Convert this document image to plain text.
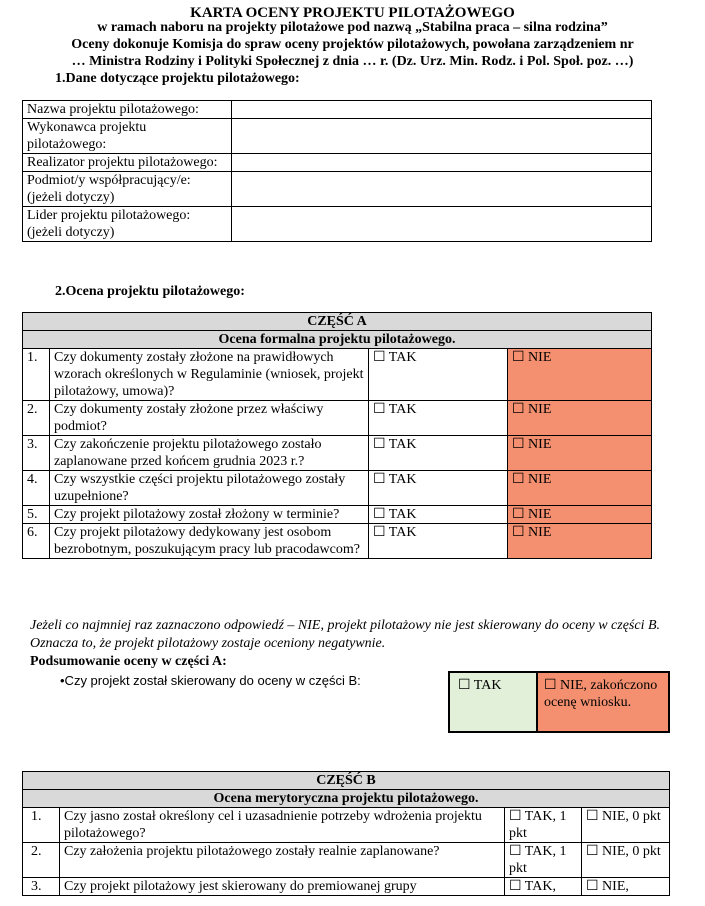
KARTA OCENY PROJEKTU PILOTAŻOWEGO
w ramach naboru na projekty pilotażowe pod nazwą „Stabilna praca – silna rodzina”
Oceny dokonuje Komisja do spraw oceny projektów pilotażowych, powołana zarządzeniem nr
… Ministra Rodziny i Polityki Społecznej z dnia … r. (Dz. Urz. Min. Rodz. i Pol. Społ. poz. …)
1.Dane dotyczące projektu pilotażowego:
Nazwa projektu pilotażowego:	
Wykonawca projektu pilotażowego:	
Realizator projektu pilotażowego:	
Podmiot/y współpracujący/e: (jeżeli dotyczy)	
Lider projektu pilotażowego: (jeżeli dotyczy)	
2.Ocena projektu pilotażowego:
CZĘŚĆ A			
Ocena formalna projektu pilotażowego.			
1.	Czy dokumenty zostały złożone na prawidłowych wzorach określonych w Regulaminie (wniosek, projekt pilotażowy, umowa)?	☐ TAK	☐ NIE
2.	Czy dokumenty zostały złożone przez właściwy podmiot?	☐ TAK	☐ NIE
3.	Czy zakończenie projektu pilotażowego zostało zaplanowane przed końcem grudnia 2023 r.?	☐ TAK	☐ NIE
4.	Czy wszystkie części projektu pilotażowego zostały uzupełnione?	☐ TAK	☐ NIE
5.	Czy projekt pilotażowy został złożony w terminie?	☐ TAK	☐ NIE
6.	Czy projekt pilotażowy dedykowany jest osobom bezrobotnym, poszukującym pracy lub pracodawcom?	☐ TAK	☐ NIE
Jeżeli co najmniej raz zaznaczono odpowiedź – NIE, projekt pilotażowy nie jest skierowany do oceny w części B. Oznacza to, że projekt pilotażowy zostaje oceniony negatywnie.
Podsumowanie oceny w części A:
•Czy projekt został skierowany do oceny w części B:	☐ TAK	☐ NIE, zakończono ocenę wniosku.
CZĘŚĆ B			
Ocena merytoryczna projektu pilotażowego.			
1.	Czy jasno został określony cel i uzasadnienie potrzeby wdrożenia projektu pilotażowego?	☐ TAK, 1 pkt	☐ NIE, 0 pkt
2.	Czy założenia projektu pilotażowego zostały realnie zaplanowane?	☐ TAK, 1 pkt	☐ NIE, 0 pkt
3.	Czy projekt pilotażowy jest skierowany do premiowanej grupy	☐ TAK,	☐ NIE,
